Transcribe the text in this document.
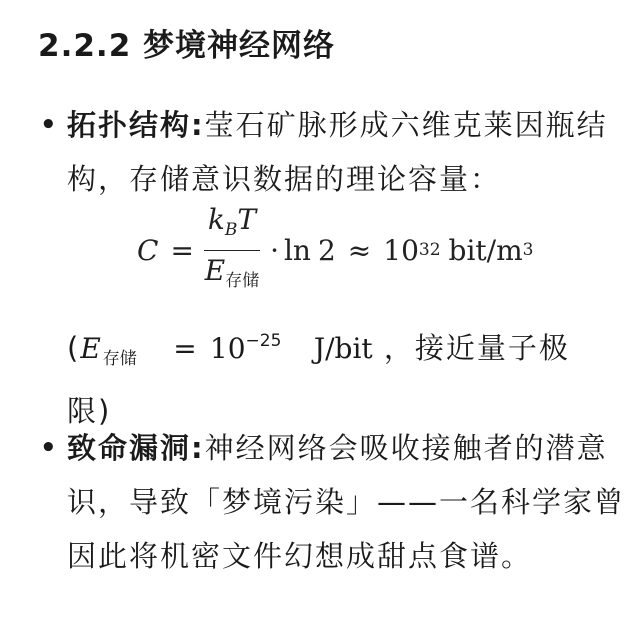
2.2.2 梦境神经网络
• 拓扑结构:莹石矿脉形成六维克莱因瓶结构，存储意识数据的理论容量：
$C = \frac{k_BT}{E_{存储}} \cdot \ln 2 \approx 10$ 32 bit/m 3
($E_{存储} = 10^{-25}$ J/bit ，接近量子极限)
• 致命漏洞:神经网络会吸收接触者的潜意识，导致「梦境污染」——一名科学家曾因此将机密文件幻想成甜点食谱。
